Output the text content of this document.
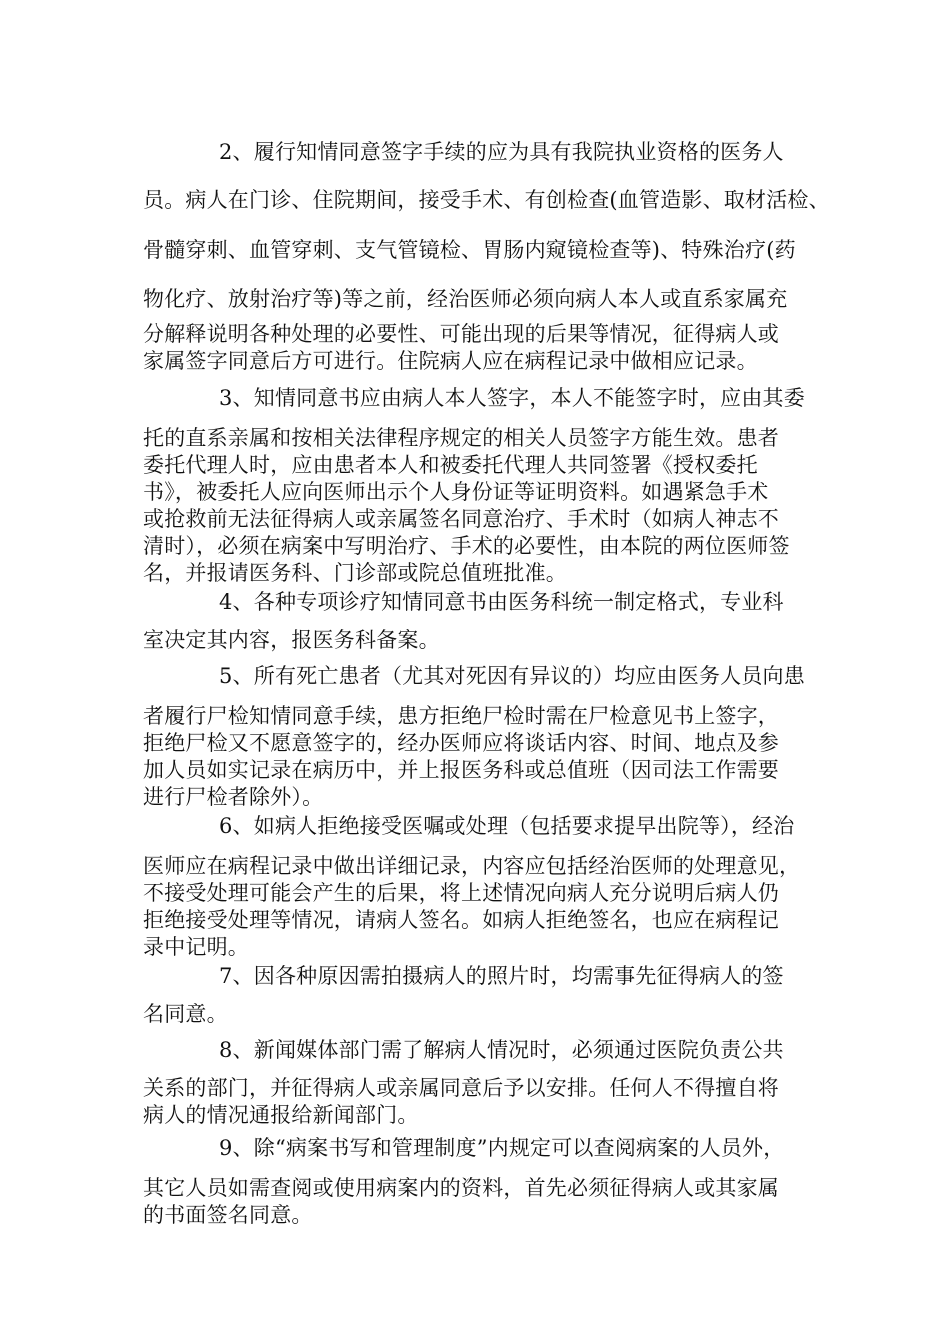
2、履行知情同意签字手续的应为具有我院执业资格的医务人
员。病人在门诊、住院期间，接受手术、有创检查(血管造影、取材活检、
骨髓穿刺、血管穿刺、支气管镜检、胃肠内窥镜检查等)、特殊治疗(药
物化疗、放射治疗等)等之前，经治医师必须向病人本人或直系家属充
分解释说明各种处理的必要性、可能出现的后果等情况，征得病人或
家属签字同意后方可进行。住院病人应在病程记录中做相应记录。
3、知情同意书应由病人本人签字，本人不能签字时，应由其委
托的直系亲属和按相关法律程序规定的相关人员签字方能生效。患者
委托代理人时，应由患者本人和被委托代理人共同签署《授权委托
书》，被委托人应向医师出示个人身份证等证明资料。如遇紧急手术
或抢救前无法征得病人或亲属签名同意治疗、手术时（如病人神志不
清时），必须在病案中写明治疗、手术的必要性，由本院的两位医师签
名，并报请医务科、门诊部或院总值班批准。
4、各种专项诊疗知情同意书由医务科统一制定格式，专业科
室决定其内容，报医务科备案。
5、所有死亡患者（尤其对死因有异议的）均应由医务人员向患
者履行尸检知情同意手续，患方拒绝尸检时需在尸检意见书上签字，
拒绝尸检又不愿意签字的，经办医师应将谈话内容、时间、地点及参
加人员如实记录在病历中，并上报医务科或总值班（因司法工作需要
进行尸检者除外）。
6、如病人拒绝接受医嘱或处理（包括要求提早出院等），经治
医师应在病程记录中做出详细记录，内容应包括经治医师的处理意见，
不接受处理可能会产生的后果，将上述情况向病人充分说明后病人仍
拒绝接受处理等情况，请病人签名。如病人拒绝签名，也应在病程记
录中记明。
7、因各种原因需拍摄病人的照片时，均需事先征得病人的签
名同意。
8、新闻媒体部门需了解病人情况时，必须通过医院负责公共
关系的部门，并征得病人或亲属同意后予以安排。任何人不得擅自将
病人的情况通报给新闻部门。
9、除“病案书写和管理制度”内规定可以查阅病案的人员外，
其它人员如需查阅或使用病案内的资料，首先必须征得病人或其家属
的书面签名同意。
